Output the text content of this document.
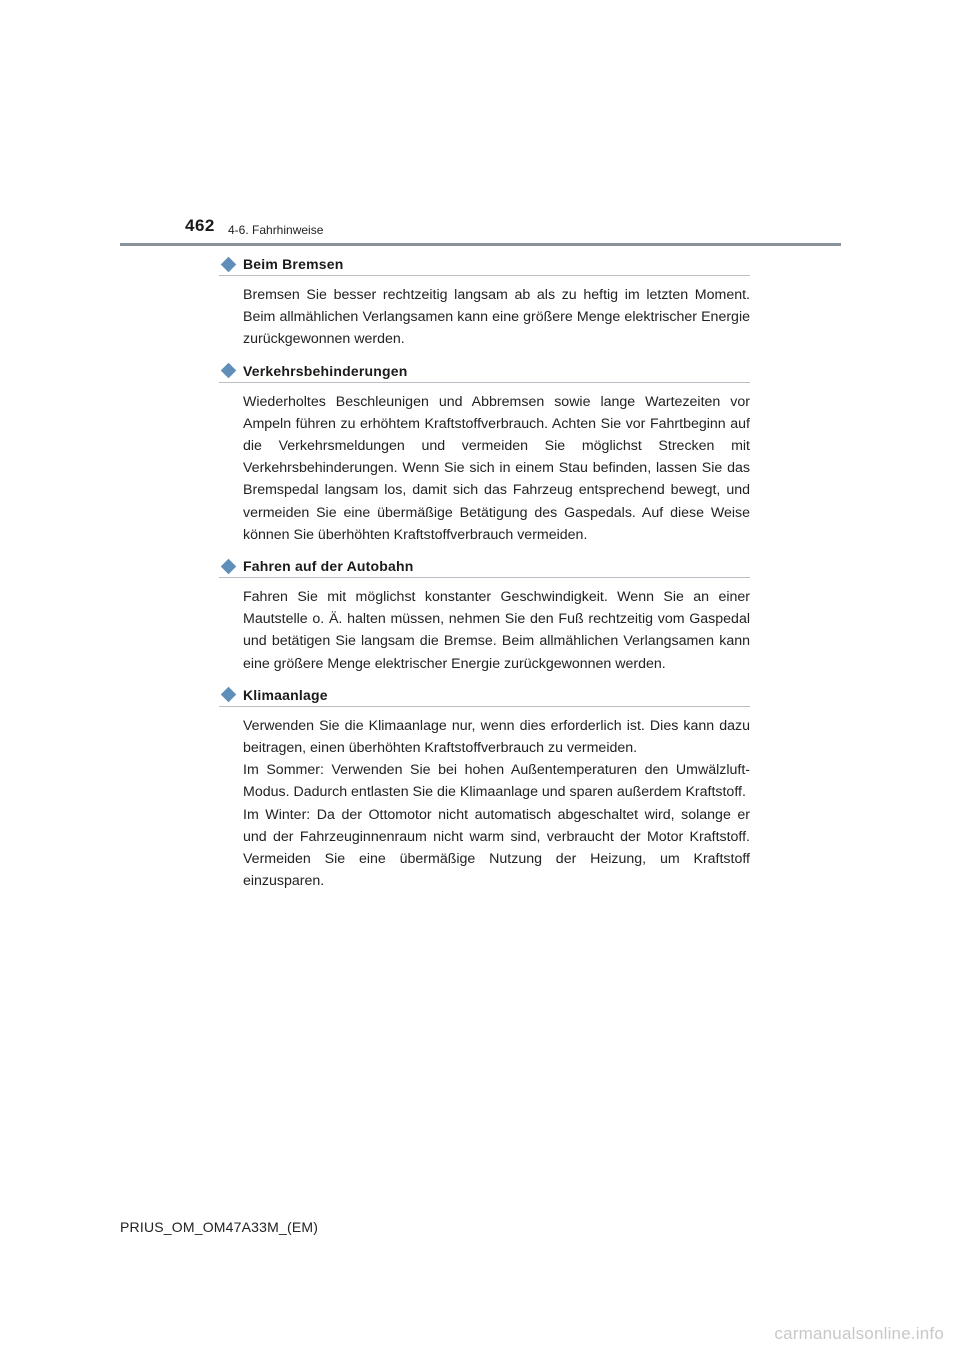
462 4-6. Fahrhinweise
Beim Bremsen

Bremsen Sie besser rechtzeitig langsam ab als zu heftig im letzten Moment. Beim allmählichen Verlangsamen kann eine größere Menge elektrischer Energie zurückgewonnen werden.

Verkehrsbehinderungen

Wiederholtes Beschleunigen und Abbremsen sowie lange Wartezeiten vor Ampeln führen zu erhöhtem Kraftstoffverbrauch. Achten Sie vor Fahrtbeginn auf die Verkehrsmeldungen und vermeiden Sie möglichst Strecken mit Verkehrsbehinderungen. Wenn Sie sich in einem Stau befinden, lassen Sie das Bremspedal langsam los, damit sich das Fahrzeug entsprechend bewegt, und vermeiden Sie eine übermäßige Betätigung des Gaspedals. Auf diese Weise können Sie überhöhten Kraftstoffverbrauch vermeiden.

Fahren auf der Autobahn

Fahren Sie mit möglichst konstanter Geschwindigkeit. Wenn Sie an einer Mautstelle o. Ä. halten müssen, nehmen Sie den Fuß rechtzeitig vom Gaspedal und betätigen Sie langsam die Bremse. Beim allmählichen Verlangsamen kann eine größere Menge elektrischer Energie zurückgewonnen werden.

Klimaanlage

Verwenden Sie die Klimaanlage nur, wenn dies erforderlich ist. Dies kann dazu beitragen, einen überhöhten Kraftstoffverbrauch zu vermeiden.

Im Sommer: Verwenden Sie bei hohen Außentemperaturen den Umwälzluft-Modus. Dadurch entlasten Sie die Klimaanlage und sparen außerdem Kraftstoff.

Im Winter: Da der Ottomotor nicht automatisch abgeschaltet wird, solange er und der Fahrzeuginnenraum nicht warm sind, verbraucht der Motor Kraftstoff. Vermeiden Sie eine übermäßige Nutzung der Heizung, um Kraftstoff einzusparen.

PRIUS_OM_OM47A33M_(EM)
carmanualsonline.info
